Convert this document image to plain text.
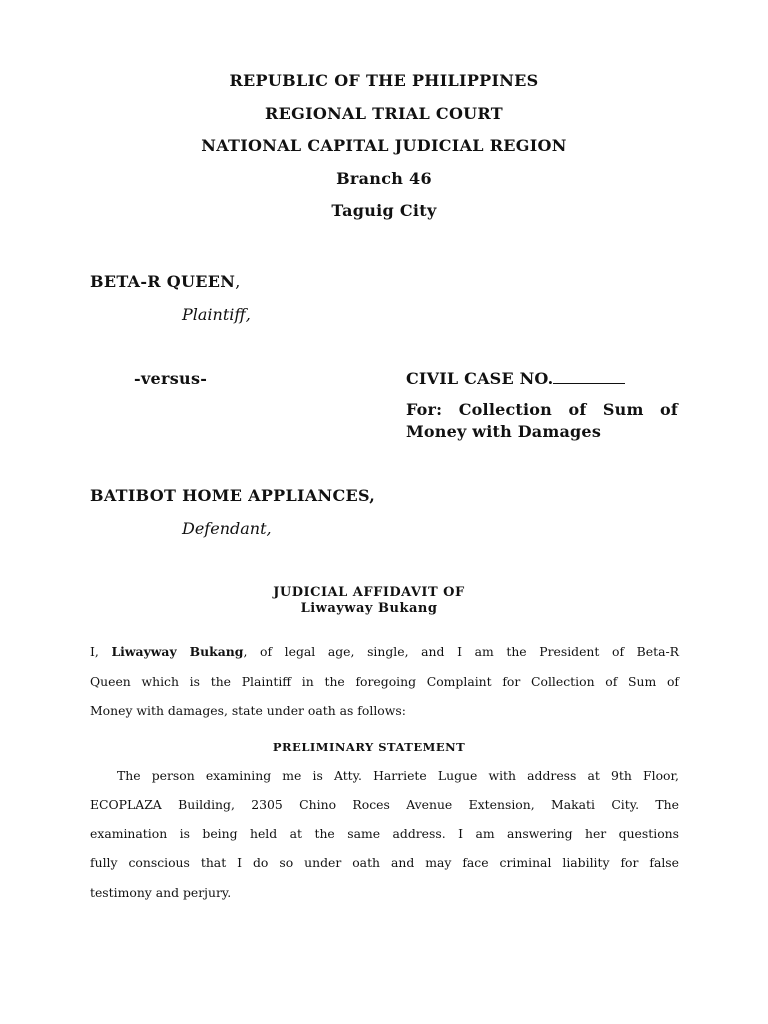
REPUBLIC OF THE PHILIPPINES
REGIONAL TRIAL COURT
NATIONAL CAPITAL JUDICIAL REGION
Branch 46
Taguig City
BETA-R QUEEN,
Plaintiff,
-versus-	CIVIL CASE NO.
For: Collection of Sum of
Money with Damages
BATIBOT HOME APPLIANCES,
Defendant,
JUDICIAL AFFIDAVIT OF
Liwayway Bukang
I, Liwayway Bukang, of legal age, single, and I am the President of Beta-R
Queen which is the Plaintiff in the foregoing Complaint for Collection of Sum of
Money with damages, state under oath as follows:
PRELIMINARY STATEMENT
The person examining me is Atty. Harriete Lugue with address at 9th Floor,
ECOPLAZA Building, 2305 Chino Roces Avenue Extension, Makati City. The
examination is being held at the same address. I am answering her questions
fully conscious that I do so under oath and may face criminal liability for false
testimony and perjury.
